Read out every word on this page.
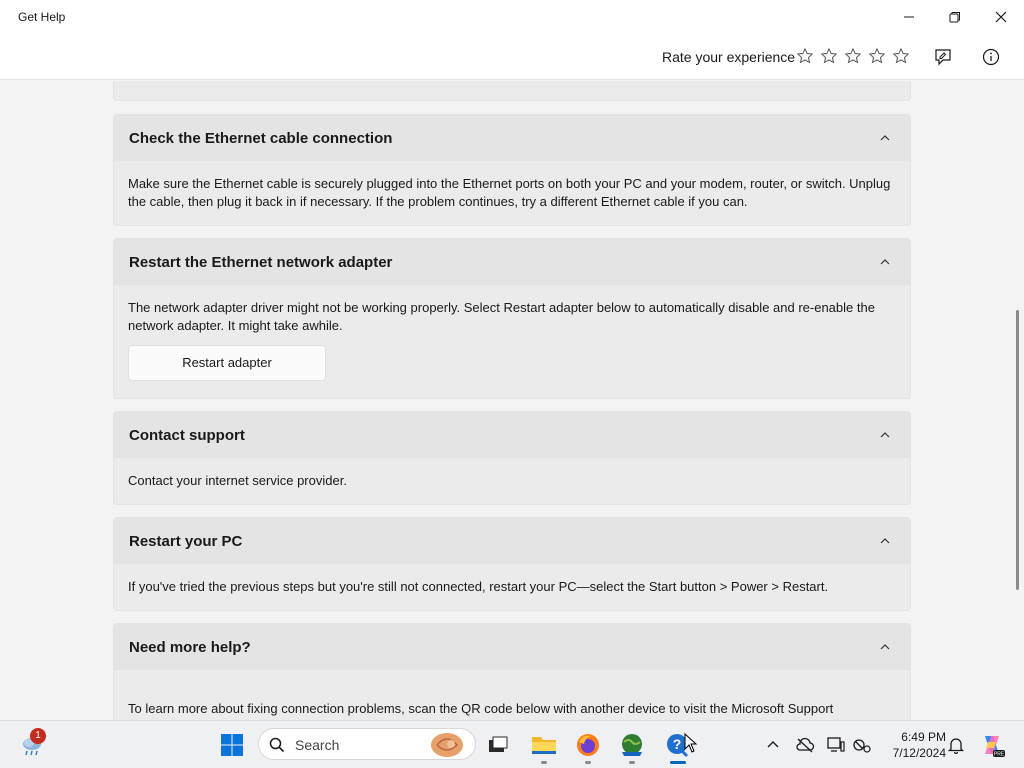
Get Help
Rate your experience
Check the Ethernet cable connection
Make sure the Ethernet cable is securely plugged into the Ethernet ports on both your PC and your modem, router, or switch. Unplug the cable, then plug it back in if necessary. If the problem continues, try a different Ethernet cable if you can.
Restart the Ethernet network adapter
The network adapter driver might not be working properly. Select Restart adapter below to automatically disable and re-enable the network adapter. It might take awhile.
Restart adapter
Contact support
Contact your internet service provider.
Restart your PC
If you've tried the previous steps but you're still not connected, restart your PC—select the Start button > Power > Restart.
Need more help?
To learn more about fixing connection problems, scan the QR code below with another device to visit the Microsoft Support
1
Search	?	6:49 PM
7/12/2024	PRE
